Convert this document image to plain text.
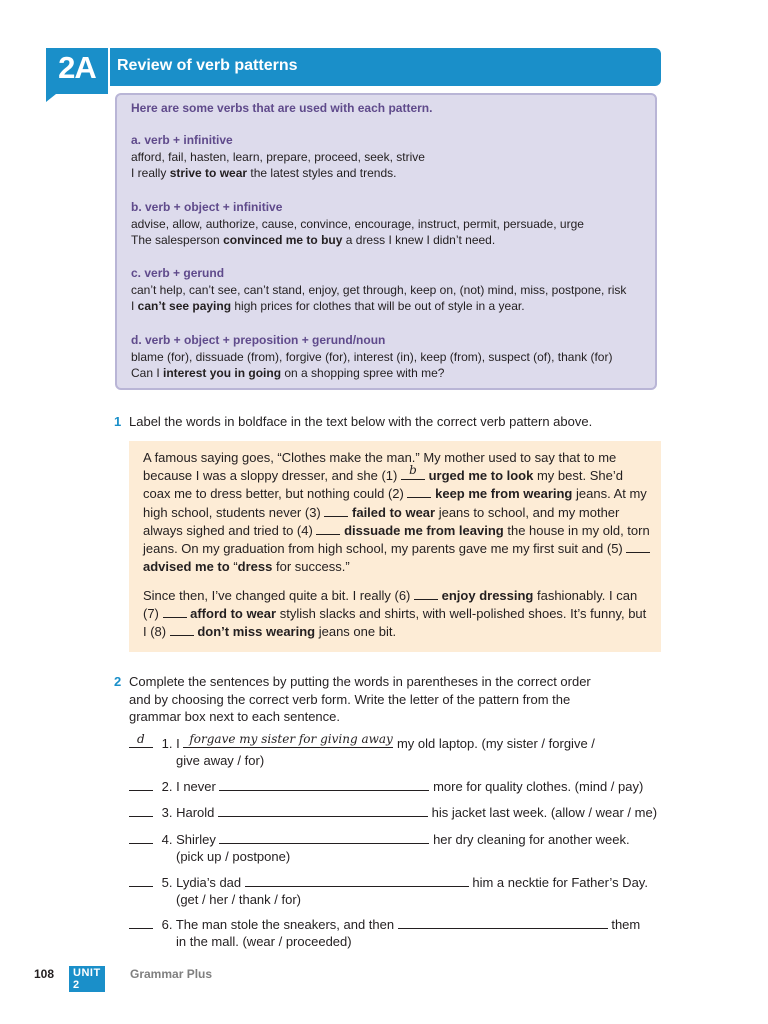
2A	Review of verb patterns
Here are some verbs that are used with each pattern.
a. verb + infinitive
afford, fail, hasten, learn, prepare, proceed, seek, strive
I really strive to wear the latest styles and trends.
b. verb + object + infinitive
advise, allow, authorize, cause, convince, encourage, instruct, permit, persuade, urge
The salesperson convinced me to buy a dress I knew I didn’t need.
c. verb + gerund
can’t help, can’t see, can’t stand, enjoy, get through, keep on, (not) mind, miss, postpone, risk
I can’t see paying high prices for clothes that will be out of style in a year.
d. verb + object + preposition + gerund/noun
blame (for), dissuade (from), forgive (for), interest (in), keep (from), suspect (of), thank (for)
Can I interest you in going on a shopping spree with me?
1 Label the words in boldface in the text below with the correct verb pattern above.
A famous saying goes, “Clothes make the man.” My mother used to say that to me because I was a sloppy dresser, and she (1) b urged me to look my best. She’d coax me to dress better, but nothing could (2)  keep me from wearing jeans. At my high school, students never (3)  failed to wear jeans to school, and my mother always sighed and tried to (4)  dissuade me from leaving the house in my old, torn jeans. On my graduation from high school, my parents gave me my first suit and (5)  advised me to “dress for success.”
Since then, I’ve changed quite a bit. I really (6)  enjoy dressing fashionably. I can (7)  afford to wear stylish slacks and shirts, with well-polished shoes. It’s funny, but I (8)  don’t miss wearing jeans one bit.
2 Complete the sentences by putting the words in parentheses in the correct order and by choosing the correct verb form. Write the letter of the pattern from the grammar box next to each sentence.
d 1. I forgave my sister for giving away my old laptop. (my sister / forgive /
give away / for)
2. I never	more for quality clothes. (mind / pay)
3. Harold	his jacket last week. (allow / wear / me)
4. Shirley	her dry cleaning for another week.
(pick up / postpone)
5. Lydia’s dad	him a necktie for Father’s Day.
(get / her / thank / for)
6. The man stole the sneakers, and then	them
in the mall. (wear / proceeded)
108	UNIT 2
Grammar Plus
